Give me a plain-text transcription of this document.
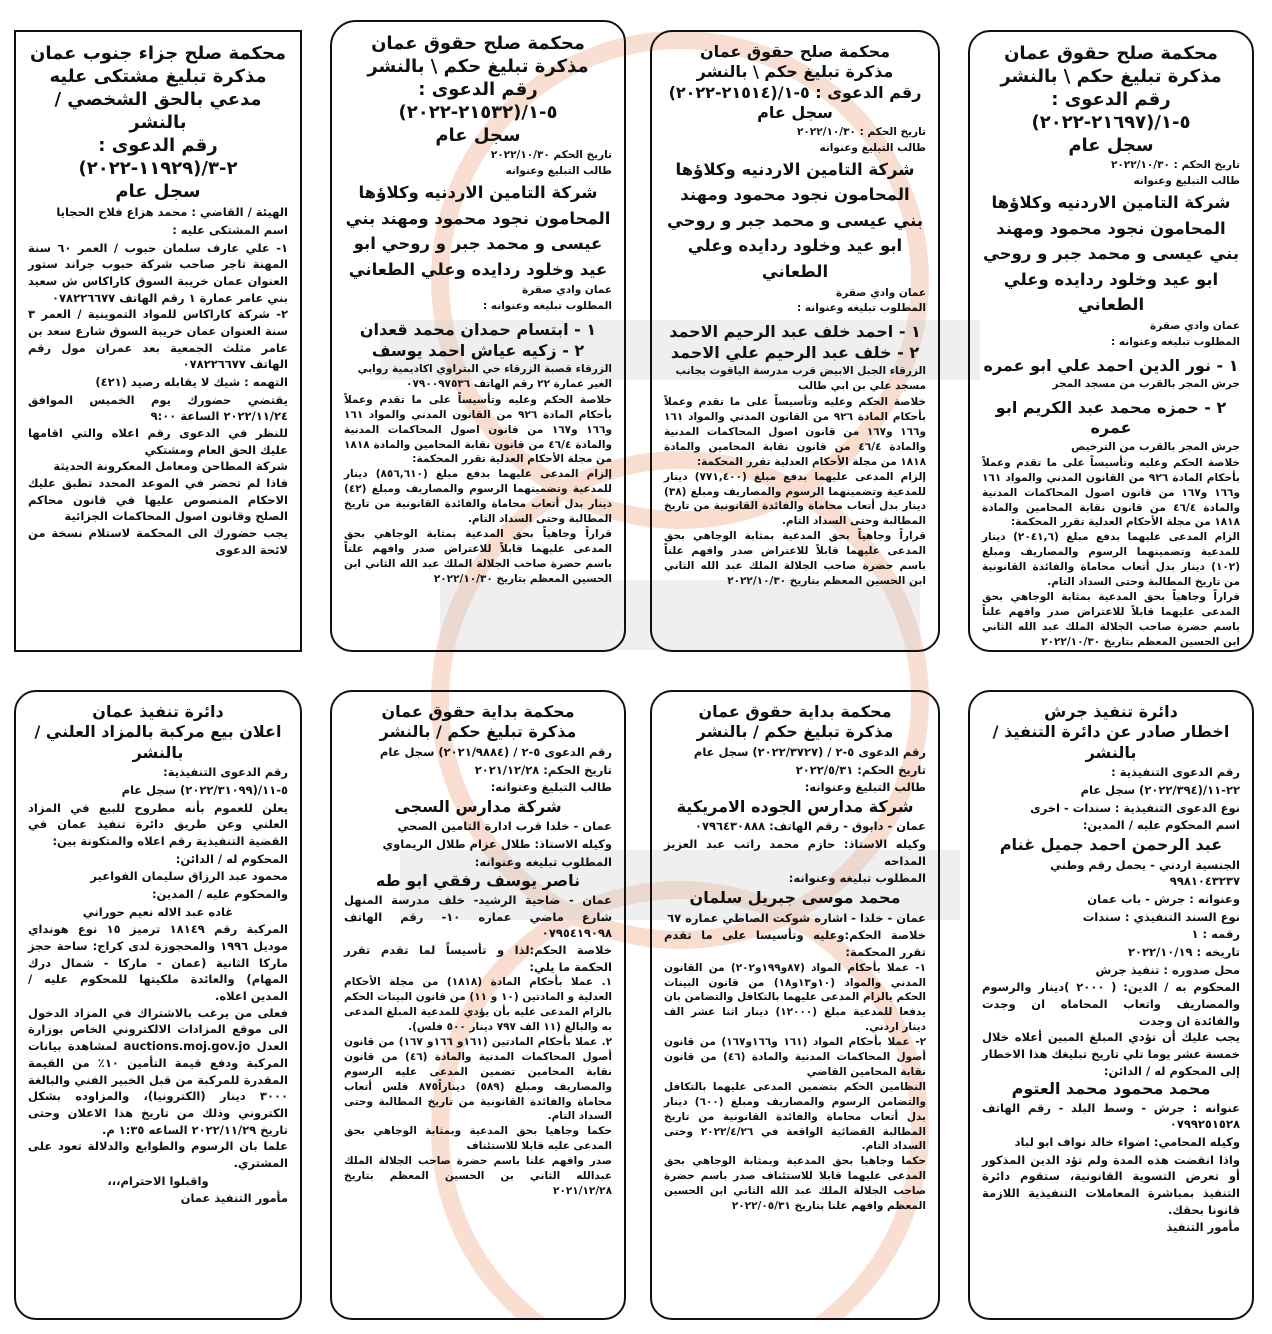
محكمة صلح حقوق عمان

مذكرة تبليغ حكم \ بالنشر

رقم الدعوى : ٥-١/(٢١٦٩٧-٢٠٢٢)

سجل عام

تاريخ الحكم : ٢٠٢٢/١٠/٣٠
طالب التبليغ وعنوانه

شركة التامين الاردنيه وكلاؤها المحامون نجود محمود ومهند بني عيسى و محمد جبر و روحي ابو عيد وخلود ردايده وعلي الطعاني

عمان وادي صقرة
المطلوب تبليغه وعنوانه :

١ - نور الدين احمد علي ابو عمره

جرش المجر بالقرب من مسجد المجر

٢ - حمزه محمد عبد الكريم ابو عمره

جرش المجر بالقرب من الترخيص
خلاصة الحكم وعليه وتأسيساً على ما تقدم وعملاً بأحكام المادة ٩٢٦ من القانون المدني والمواد ١٦١ و١٦٦ و١٦٧ من قانون اصول المحاكمات المدنية والمادة ٤٦/٤ من قانون نقابة المحامين والمادة ١٨١٨ من مجلة الأحكام العدلية تقرر المحكمة:
الزام المدعى عليهما بدفع مبلغ (٢٠٤١,٦) دينار للمدعية وتضمينهما الرسوم والمصاريف ومبلغ (١٠٢) دينار بدل أتعاب محاماة والفائدة القانونية من تاريخ المطالبة وحتى السداد التام.
قراراً وجاهياً بحق المدعية بمثابة الوجاهي بحق المدعى عليهما قابلاً للاعتراض صدر وافهم علناً باسم حضرة صاحب الجلالة الملك عبد الله الثاني ابن الحسين المعظم بتاريخ ٢٠٢٢/١٠/٣٠

محكمة صلح حقوق عمان

مذكرة تبليغ حكم \ بالنشر

رقم الدعوى : ٥-١/(٢١٥١٤-٢٠٢٢) سجل عام

تاريخ الحكم : ٢٠٢٢/١٠/٣٠
طالب التبليغ وعنوانه

شركة التامين الاردنيه وكلاؤها المحامون نجود محمود ومهند بني عيسى و محمد جبر و روحي ابو عيد وخلود ردايده وعلي الطعاني

عمان وادي صقرة
المطلوب تبليغه وعنوانه :

١ - احمد خلف عبد الرحيم الاحمد

٢ - خلف عبد الرحيم علي الاحمد

الزرقاء الجبل الابيض قرب مدرسة الياقوت بجانب مسجد علي بن ابي طالب
خلاصة الحكم وعليه وتأسيساً على ما تقدم وعملاً بأحكام المادة ٩٢٦ من القانون المدني والمواد ١٦١ و١٦٦ و١٦٧ من قانون اصول المحاكمات المدنية والمادة ٤٦/٤ من قانون نقابة المحامين والمادة ١٨١٨ من مجلة الأحكام العدلية تقرر المحكمة:
إلزام المدعى عليهما بدفع مبلغ (٧٧١,٤٠٠) دينار للمدعية وتضمينهما الرسوم والمصاريف ومبلغ (٣٨) دينار بدل أتعاب محاماة والفائدة القانونية من تاريخ المطالبة وحتى السداد التام.
قراراً وجاهياً بحق المدعية بمثابة الوجاهي بحق المدعى عليهما قابلاً للاعتراض صدر وافهم علناً باسم حضرة صاحب الجلالة الملك عبد الله الثاني ابن الحسين المعظم بتاريخ ٢٠٢٢/١٠/٣٠

محكمة صلح حقوق عمان

مذكرة تبليغ حكم \ بالنشر

رقم الدعوى : ٥-١/(٢١٥٣٢-٢٠٢٢)

سجل عام

تاريخ الحكم ٢٠٢٢/١٠/٣٠
طالب التبليغ وعنوانه

شركة التامين الاردنيه وكلاؤها المحامون نجود محمود ومهند بني عيسى و محمد جبر و روحي ابو عيد وخلود ردايده وعلي الطعاني

عمان وادي صقرة
المطلوب تبليغه وعنوانه :

١ - ابتسام حمدان محمد قعدان

٢ - زكيه عياش احمد يوسف

الزرقاء قصبة الزرقاء حي البتراوي اكاديمية روابي الغير عمارة ٢٢ رقم الهاتف ٠٧٩٠٠٩٧٥٣٦
خلاصة الحكم وعليه وتأسيساً على ما تقدم وعملاً بأحكام المادة ٩٢٦ من القانون المدني والمواد ١٦١ و١٦٦ و١٦٧ من قانون اصول المحاكمات المدنية والمادة ٤٦/٤ من قانون نقابة المحامين والمادة ١٨١٨ من مجلة الأحكام العدلية تقرر المحكمة:
إلزام المدعى عليهما بدفع مبلغ (٨٥٦,٦١٠) دينار للمدعية وتضمينهما الرسوم والمصاريف ومبلغ (٤٢) دينار بدل أتعاب محاماة والفائدة القانونية من تاريخ المطالبة وحتى السداد التام.
قراراً وجاهياً بحق المدعية بمثابة الوجاهي بحق المدعى عليهما قابلاً للاعتراض صدر وافهم علناً باسم حضرة صاحب الجلالة الملك عبد الله الثاني ابن الحسين المعظم بتاريخ ٢٠٢٢/١٠/٣٠

محكمة صلح جزاء جنوب عمان

مذكرة تبليغ مشتكى عليه مدعي بالحق الشخصي / بالنشر

رقم الدعوى : ٢-٣/(١١٩٢٩-٢٠٢٢)

سجل عام

الهيئة / القاضي : محمد هزاع فلاح الحجايا
اسم المشتكى عليه :
١- علي عارف سلمان حبوب / العمر ٦٠ سنة المهنة تاجر صاحب شركة حبوب جراند ستور العنوان عمان خريبة السوق كاراكاس ش سعيد بني عامر عمارة ١ رقم الهاتف ٠٧٨٢٢٦٦٧٧
٢- شركة كاراكاس للمواد التموينية / العمر ٣ سنة العنوان عمان خريبة السوق شارع سعد بن عامر مثلث الجمعية بعد عمران مول رقم الهاتف ٠٧٨٢٢٦٦٧٧
التهمه : شيك لا يقابله رصيد (٤٢١)
يقتضي حضورك يوم الخميس الموافق ٢٠٢٢/١١/٢٤ الساعة ٩:٠٠
للنظر في الدعوى رقم اعلاه والتي اقامها عليك الحق العام ومشتكي
شركة المطاحن ومعامل المعكرونة الحديثة
فاذا لم تحضر في الموعد المحدد تطبق عليك الاحكام المنصوص عليها في قانون محاكم الصلح وقانون اصول المحاكمات الجزائية
يجب حضورك الى المحكمة لاستلام نسخة من لائحة الدعوى

دائرة تنفيذ جرش

اخطار صادر عن دائرة التنفيذ / بالنشر

رقم الدعوى التنفيذية :
٢٢-١١/(٢٠٢٢/٣٩٤) سجل عام
نوع الدعوى التنفيذية : سندات - اخرى
اسم المحكوم عليه / المدين:

عبد الرحمن احمد جميل غنام

الجنسية اردني - يحمل رقم وطني ٩٩٨١٠٤٣٢٣٧
وعنوانه : جرش - باب عمان
نوع السند التنفيذي : سندات
رقمه : ١
تاريخه : ٢٠٢٢/١٠/١٩
محل صدوره : تنفيذ جرش
المحكوم به / الدين: ( ٢٠٠٠ )دينار والرسوم والمصاريف واتعاب المحاماه ان وجدت والفائدة ان وجدت
يجب عليك أن تؤدي المبلغ المبين أعلاه خلال خمسة عشر يوما تلي تاريخ تبليغك هذا الاخطار إلى المحكوم له / الدائن:

محمد محمود محمد العتوم

عنوانه : جرش - وسط البلد - رقم الهاتف ٠٧٩٩٢٥١٥٢٨
وكيله المحامي: اضواء خالد نواف ابو لباد
واذا انقضت هذه المدة ولم تؤد الدين المذكور أو تعرض التسوية القانونية، ستقوم دائرة التنفيذ بمباشرة المعاملات التنفيذية اللازمة قانونا بحقك.
مأمور التنفيذ

محكمة بداية حقوق عمان

مذكرة تبليغ حكم / بالنشر

رقم الدعوى ٥-٢ / (٢٠٢٢/٣٧٢٧) سجل عام
تاريخ الحكم: ٢٠٢٢/٥/٣١
طالب التبليغ وعنوانه:

شركة مدارس الجوده الامريكية

عمان - دابوق - رقم الهاتف: ٠٧٩٦٤٣٠٨٨٨
وكيله الاستاذ: حازم محمد راتب عبد العزيز المداحه
المطلوب تبليغه وعنوانه:

محمد موسى جبريل سلمان

عمان - خلدا - اشاره شوكت الصاطي عماره ٦٧
خلاصة الحكم:وعليه وتأسيسا على ما تقدم تقرر المحكمة:
١- عملا بأحكام المواد (٨٧و١٩٩و٢٠٢) من القانون المدني والمواد (١٠و١٣و١٨) من قانون البينات الحكم بالزام المدعى عليهما بالتكافل والتضامن بان يدفعا للمدعية مبلغ (١٢٠٠٠) دينار اثنا عشر الف دينار اردني.
٢- عملا بأحكام المواد (١٦١ و١٦٦و١٦٧) من قانون أصول المحاكمات المدنية والمادة (٤٦) من قانون نقابة المحامين القاضي
النظامين الحكم بتضمين المدعى عليهما بالتكافل والتضامن الرسوم والمصاريف ومبلغ (٦٠٠) دينار بدل أتعاب محاماة والفائدة القانونية من تاريخ المطالبة القضائية الواقعة في ٢٠٢٢/٤/٢٦ وحتى السداد التام.
حكما وجاهيا بحق المدعية وبمثابة الوجاهي بحق المدعى عليهما قابلا للاستئناف صدر باسم حضرة صاحب الجلالة الملك عبد الله الثاني ابن الحسين المعظم وافهم علنا بتاريخ ٢٠٢٢/٠٥/٣١

محكمة بداية حقوق عمان

مذكرة تبليغ حكم / بالنشر

رقم الدعوى ٥-٢ / (٢٠٢١/٩٨٨٤) سجل عام
تاريخ الحكم: ٢٠٢١/١٢/٢٨
طالب التبليغ وعنوانه:

شركة مدارس السجى

عمان - خلدا قرب ادارة التامين الصحي
وكيله الاستاذ: طلال عزام طلال الريماوي
المطلوب تبليغه وعنوانه:

ناصر يوسف رفقي ابو طه

عمان - ضاحية الرشيد- خلف مدرسة المنهل شارع ماضي عماره ١٠- رقم الهاتف ٠٧٩٥٤١٩٠٩٨
خلاصة الحكم:لذا و تأسيساً لما تقدم تقرر الحكمة ما يلي:
١. عملا بأحكام المادة (١٨١٨) من مجلة الأحكام العدلية و المادتين (١٠ و ١١) من قانون البينات الحكم بالزام المدعى عليه بأن يؤدي للمدعية المبلغ المدعى به والبالغ (١١ الف ٧٩٧ دينار ٥٠٠ فلس).
٢. عملا بأحكام المادتين (١٦١و ١٦٦و ١٦٧) من قانون أصول المحاكمات المدنية والمادة (٤٦) من قانون نقابة المحامين تضمين المدعى عليه الرسوم والمصاريف ومبلغ (٥٨٩) ديناراً٨٧٥ فلس أتعاب محاماة والفائدة القانونية من تاريخ المطالبة وحتى السداد التام.
حكما وجاهيا بحق المدعية وبمثابة الوجاهي بحق المدعى عليه قابلا للاستئناف
صدر وافهم علنا باسم حضرة صاحب الجلالة الملك عبدالله الثاني بن الحسين المعظم بتاريخ ٢٠٢١/١٢/٢٨

دائرة تنفيذ عمان

اعلان بيع مركبة بالمزاد العلني / بالنشر

رقم الدعوى التنفيذية:
٥-١١/(٢٠٢٢/٣١٠٩٩) سجل عام
يعلن للعموم بأنه مطروح للبيع في المزاد العلني وعن طريق دائرة تنفيذ عمان في القضية التنفيذية رقم اعلاه والمتكونة بين:
المحكوم له / الدائن:
محمود عبد الرزاق سليمان الفواعير
والمحكوم عليه / المدين:
غاده عبد الاله نعيم حوراني
المركبة رقم ١٨١٤٩ ترميز ١٥ نوع هونداي موديل ١٩٩٦ والمحجوزة لدى كراج: ساحة حجز ماركا الثانية (عمان - ماركا - شمال درك المهام) والعائدة ملكيتها للمحكوم عليه / المدين اعلاه.
فعلى من يرغب بالاشتراك في المزاد الدخول الى موقع المزادات الالكتروني الخاص بوزارة العدل auctions.moj.gov.jo لمشاهدة بيانات المركبة ودفع قيمة التأمين ١٠٪ من القيمة المقدرة للمركبة من قبل الخبير الفني والبالغة ٣٠٠٠ دينار (الكترونيا)، والمزاوده بشكل الكتروني وذلك من تاريخ هذا الاعلان وحتى تاريخ ٢٠٢٢/١١/٢٩ الساعه ١:٣٥ م.
علما بان الرسوم والطوابع والدلالة تعود على المشتري.
واقبلوا الاحترام،،،
مأمور التنفيذ عمان
